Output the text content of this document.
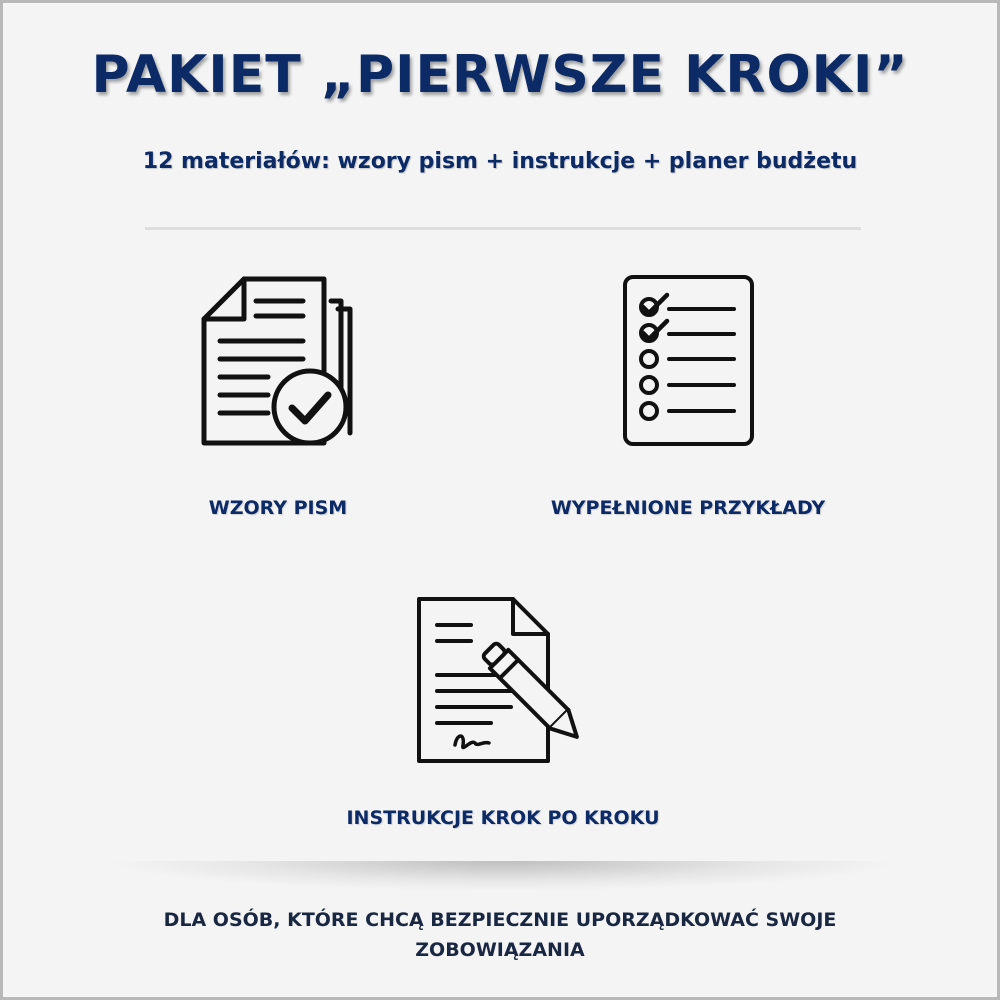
PAKIET „PIERWSZE KROKI”
12 materiałów: wzory pism + instrukcje + planer budżetu
WZORY PISM	WYPEŁNIONE PRZYKŁADY
INSTRUKCJE KROK PO KROKU
DLA OSÓB, KTÓRE CHCĄ BEZPIECZNIE UPORZĄDKOWAĆ SWOJE ZOBOWIĄZANIA
